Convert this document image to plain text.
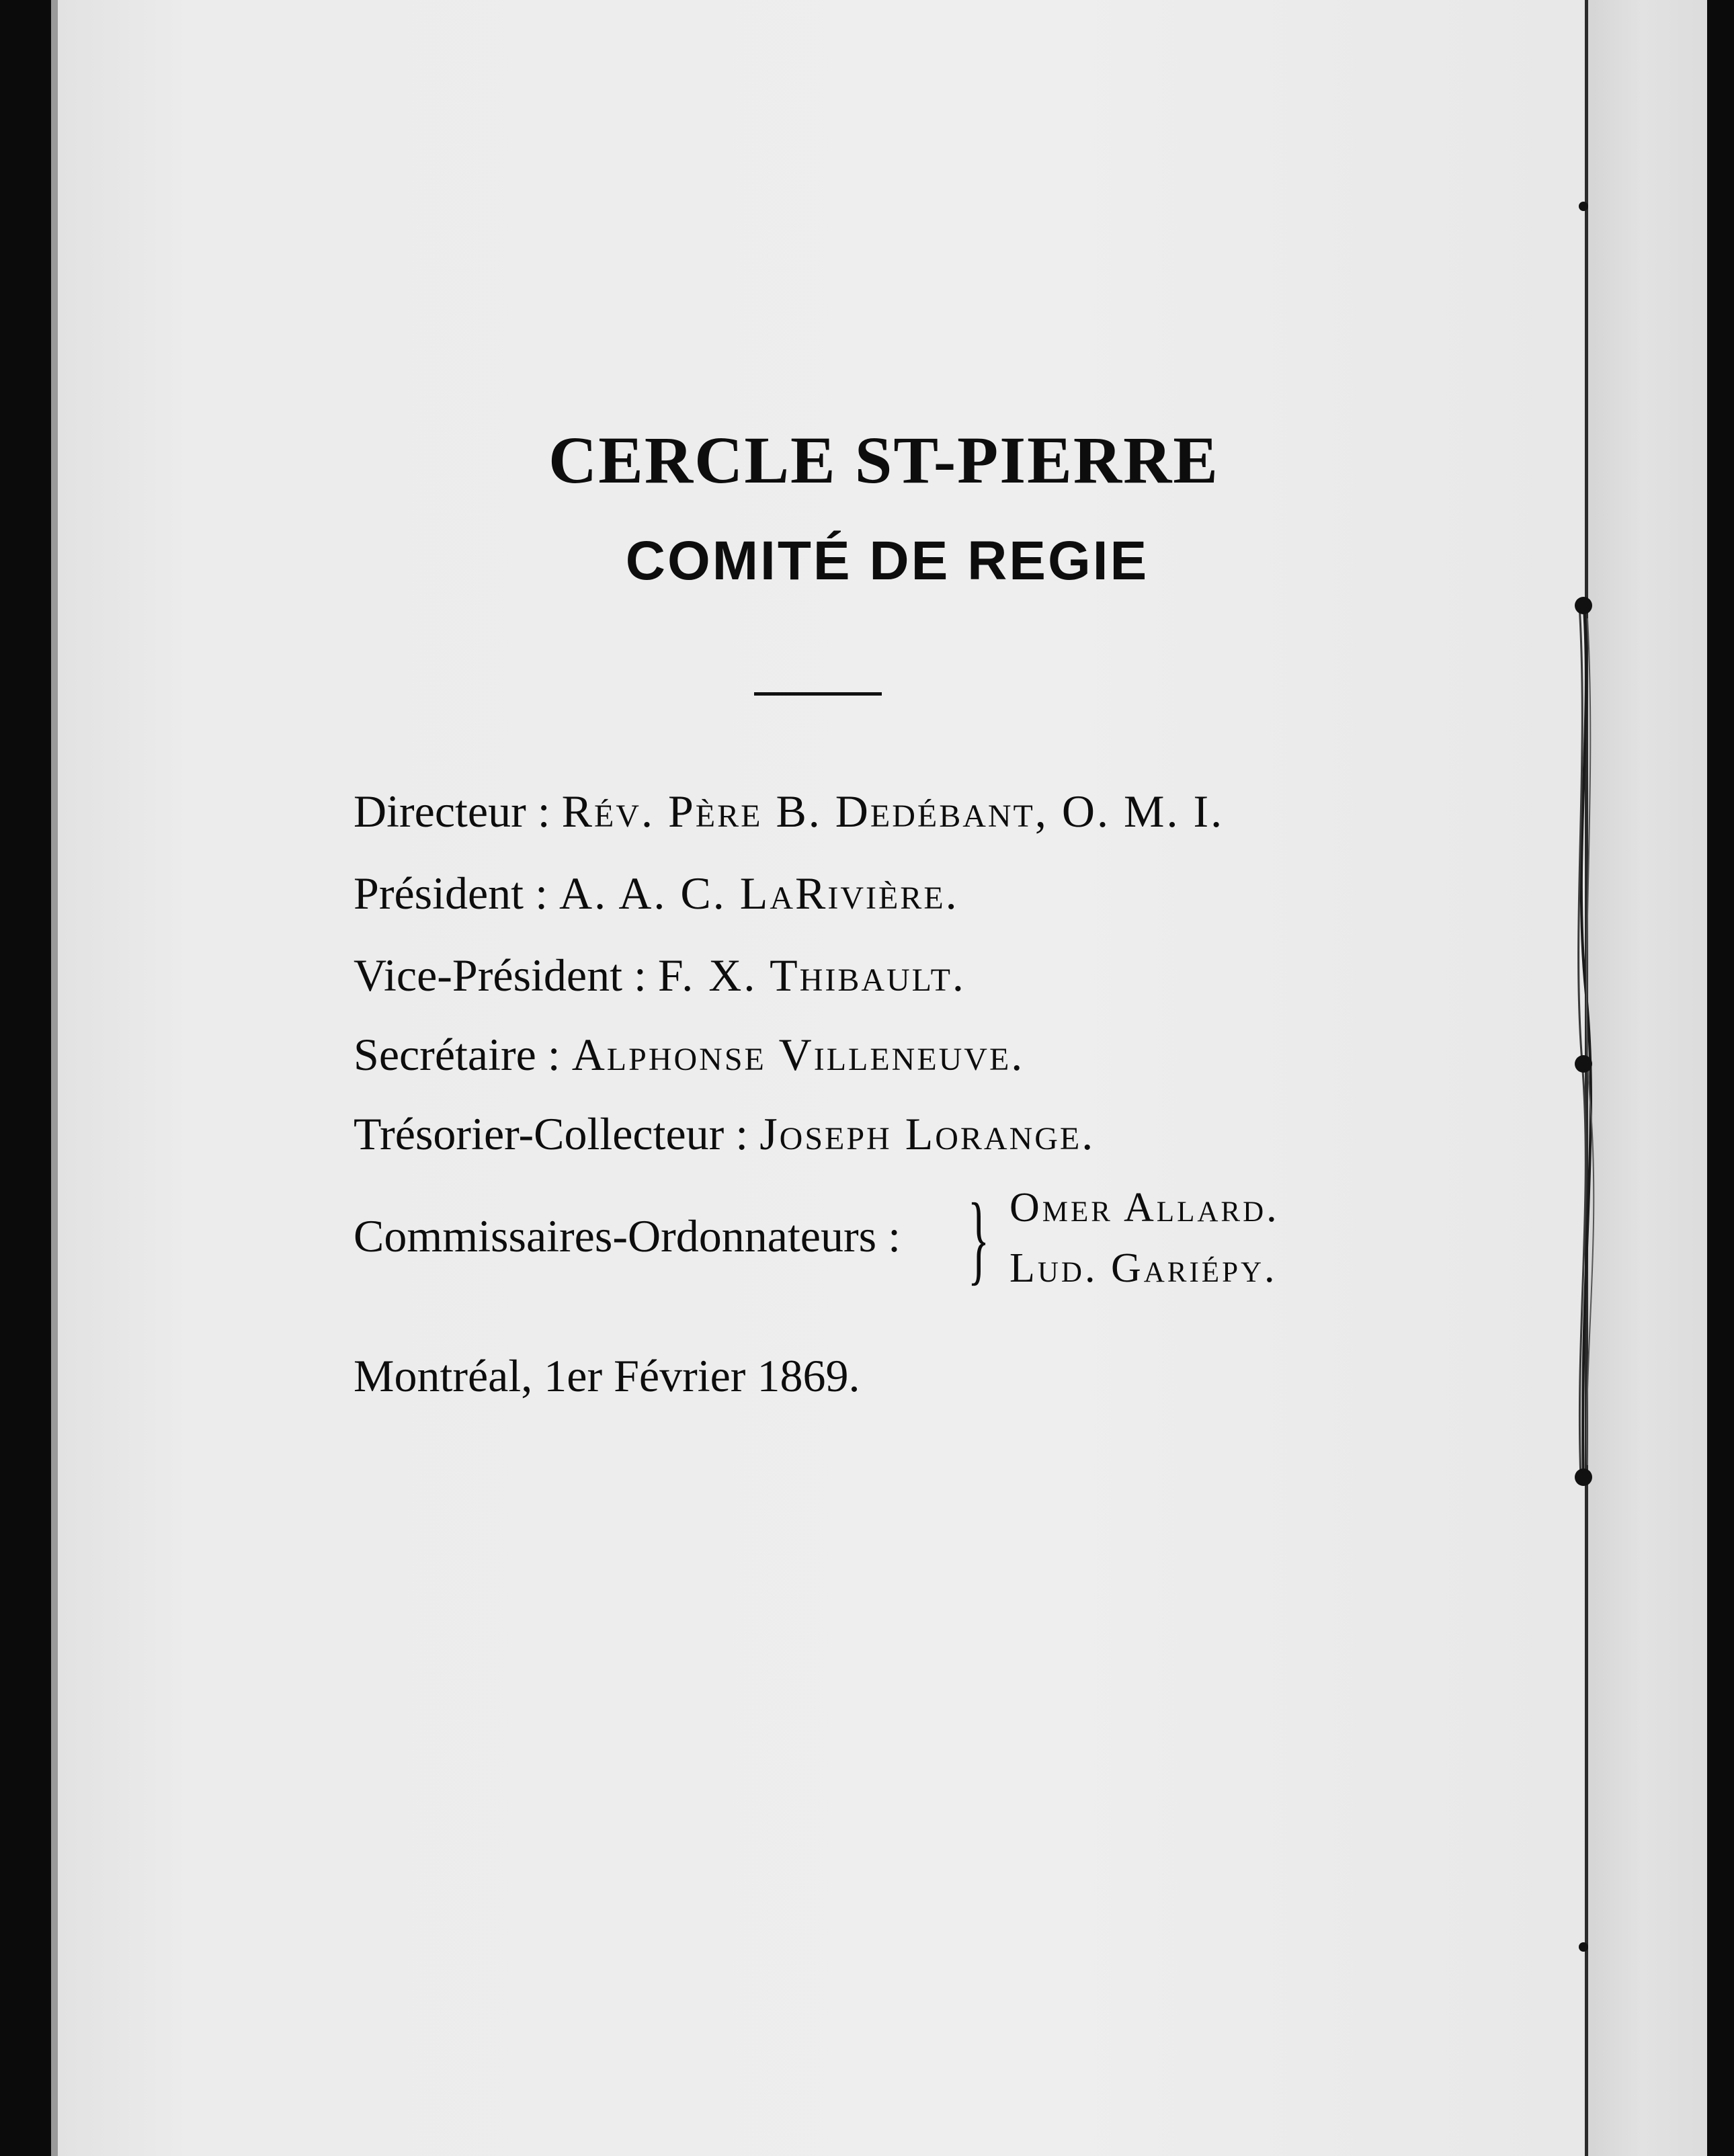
CERCLE ST-PIERRE
COMITÉ DE REGIE
Directeur : Rév. Père B. Dedébant, O. M. I.
Président : A. A. C. LaRivière.
Vice-Président : F. X. Thibault.
Secrétaire : Alphonse Villeneuve.
Trésorier-Collecteur : Joseph Lorange.
Commissaires-Ordonnateurs : } Omer Allard.
Lud. Gariépy.
Montréal, 1er Février 1869.
